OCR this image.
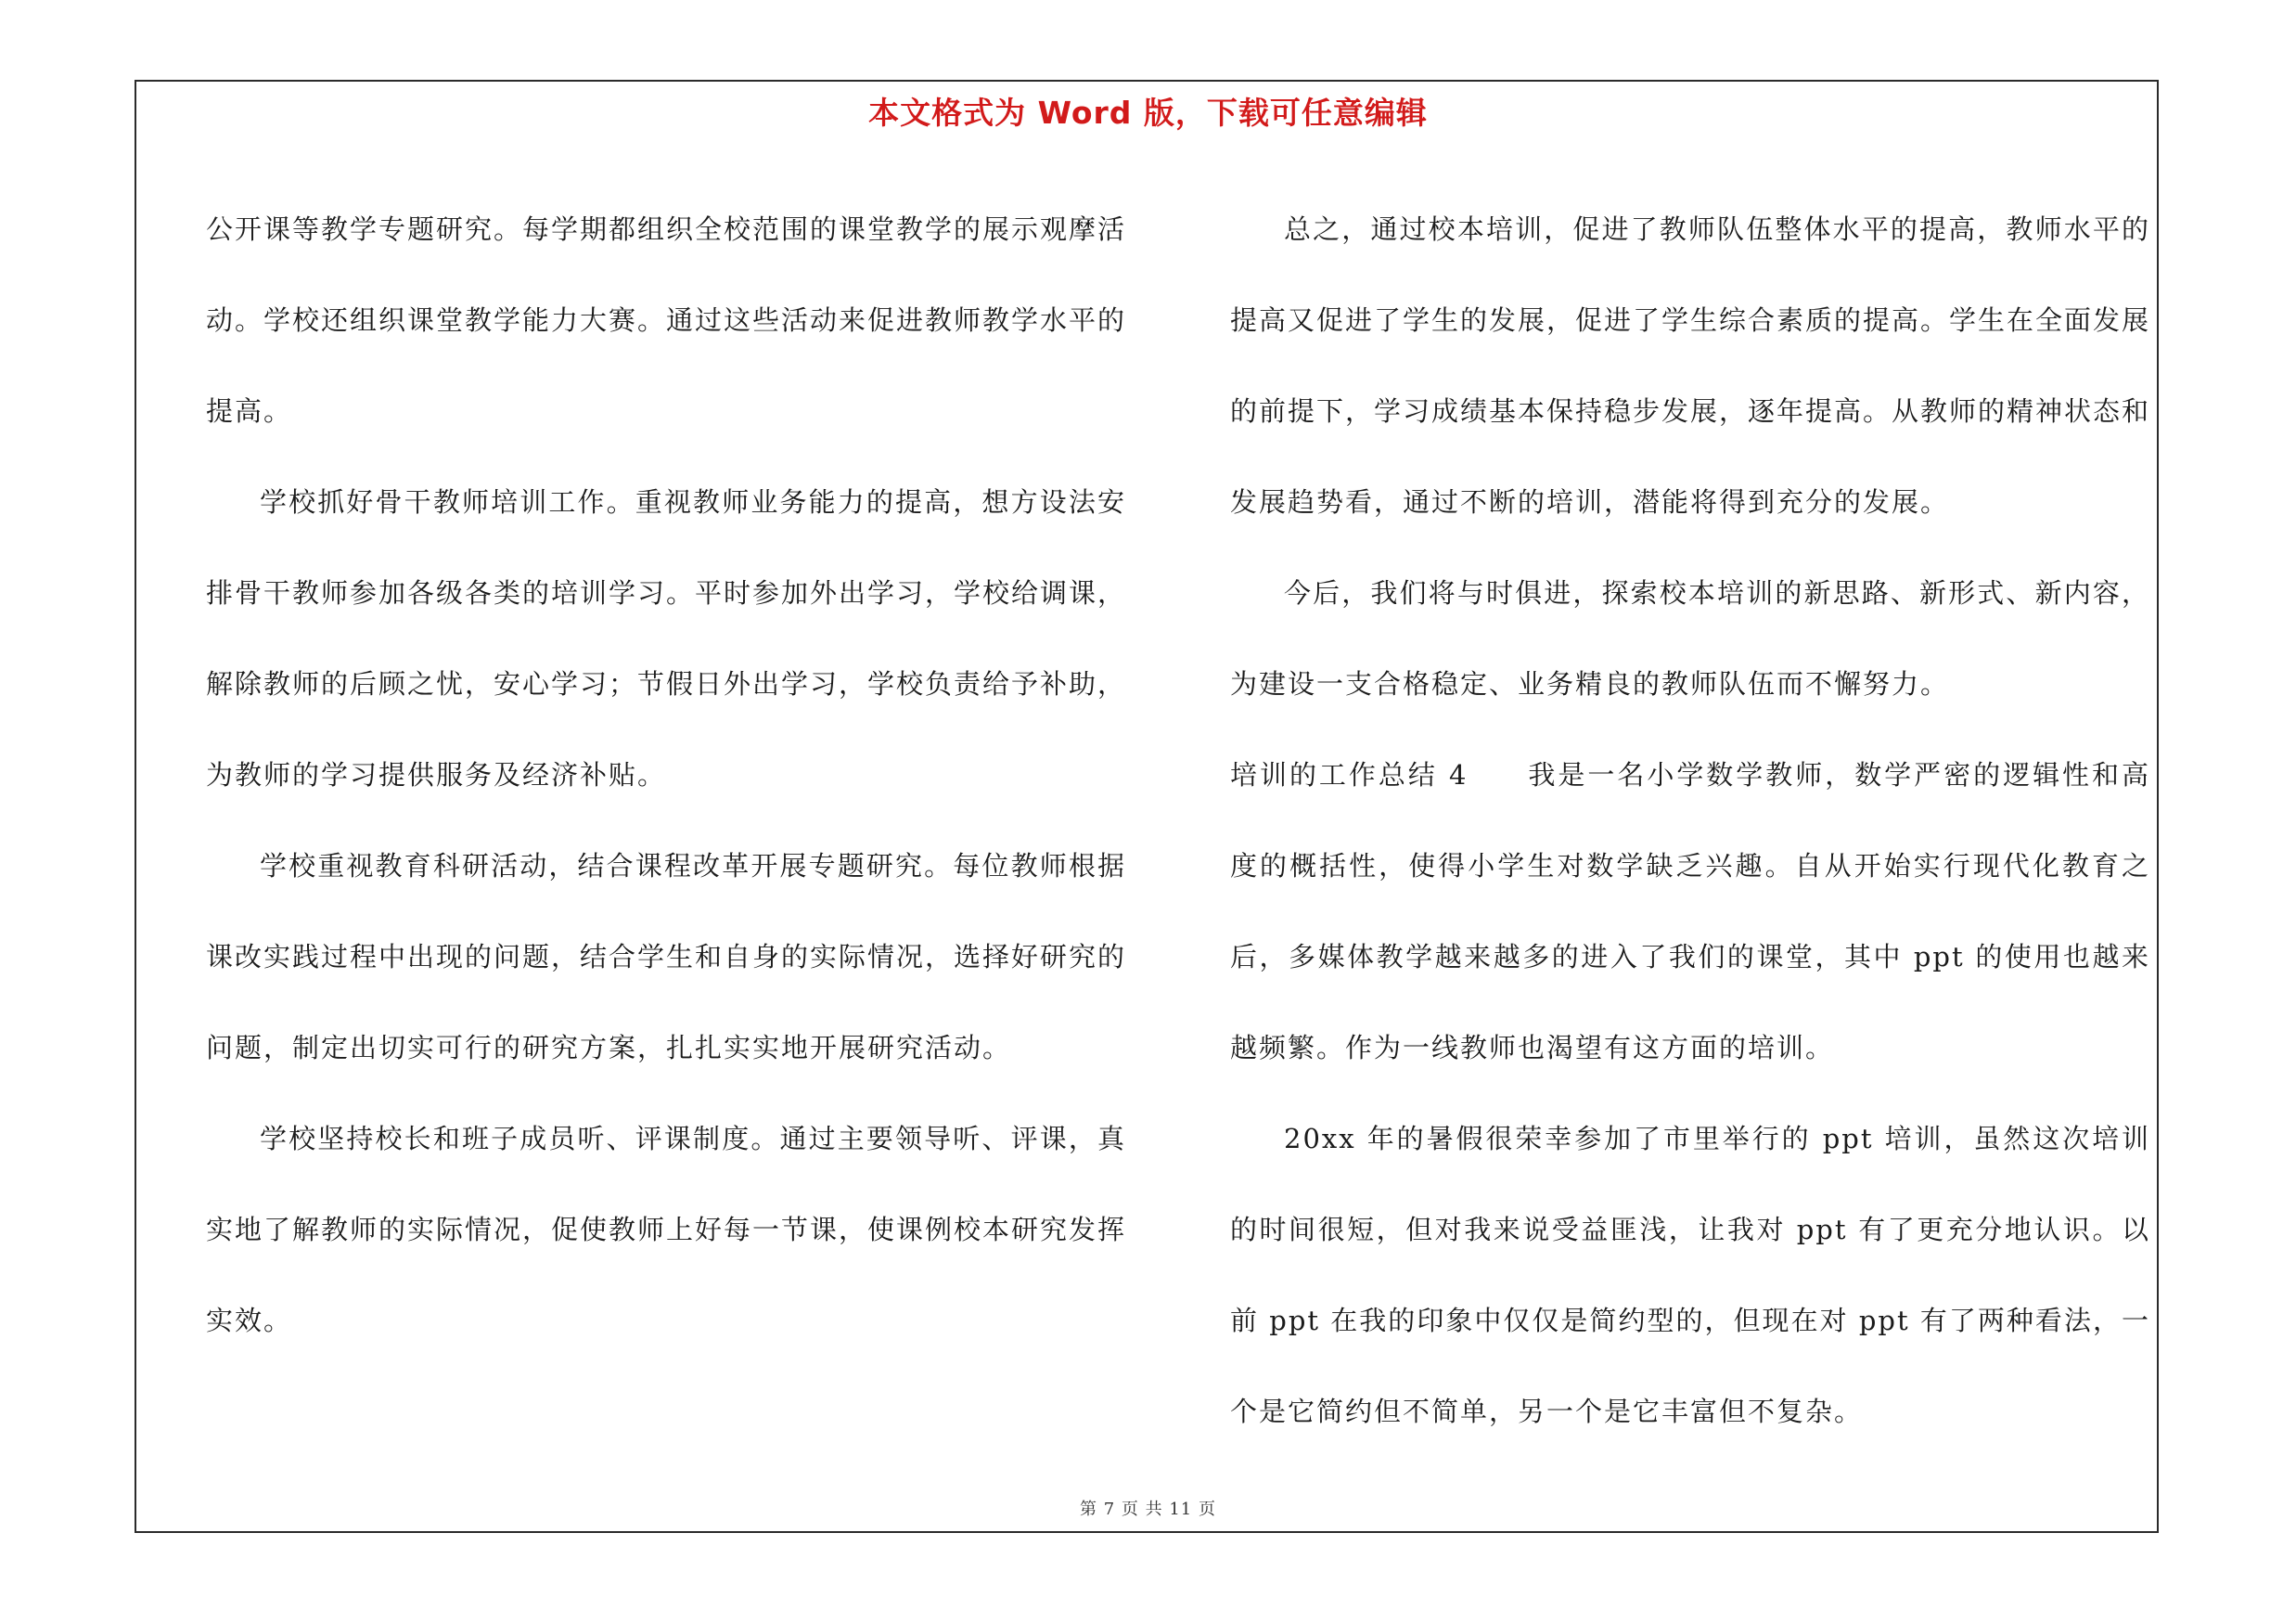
本文格式为 Word 版，下载可任意编辑

公开课等教学专题研究。每学期都组织全校范围的课堂教学的展示观摩活动。学校还组织课堂教学能力大赛。通过这些活动来促进教师教学水平的提高。

学校抓好骨干教师培训工作。重视教师业务能力的提高，想方设法安排骨干教师参加各级各类的培训学习。平时参加外出学习，学校给调课，解除教师的后顾之忧，安心学习；节假日外出学习，学校负责给予补助，为教师的学习提供服务及经济补贴。

学校重视教育科研活动，结合课程改革开展专题研究。每位教师根据课改实践过程中出现的问题，结合学生和自身的实际情况，选择好研究的问题，制定出切实可行的研究方案，扎扎实实地开展研究活动。

学校坚持校长和班子成员听、评课制度。通过主要领导听、评课，真实地了解教师的实际情况，促使教师上好每一节课，使课例校本研究发挥实效。

总之，通过校本培训，促进了教师队伍整体水平的提高，教师水平的提高又促进了学生的发展，促进了学生综合素质的提高。学生在全面发展的前提下，学习成绩基本保持稳步发展，逐年提高。从教师的精神状态和发展趋势看，通过不断的培训，潜能将得到充分的发展。

今后，我们将与时俱进，探索校本培训的新思路、新形式、新内容，为建设一支合格稳定、业务精良的教师队伍而不懈努力。

培训的工作总结 4　　我是一名小学数学教师，数学严密的逻辑性和高度的概括性，使得小学生对数学缺乏兴趣。自从开始实行现代化教育之后，多媒体教学越来越多的进入了我们的课堂，其中 ppt 的使用也越来越频繁。作为一线教师也渴望有这方面的培训。

20xx 年的暑假很荣幸参加了市里举行的 ppt 培训，虽然这次培训的时间很短，但对我来说受益匪浅，让我对 ppt 有了更充分地认识。以前 ppt 在我的印象中仅仅是简约型的，但现在对 ppt 有了两种看法，一个是它简约但不简单，另一个是它丰富但不复杂。

第 7 页 共 11 页
